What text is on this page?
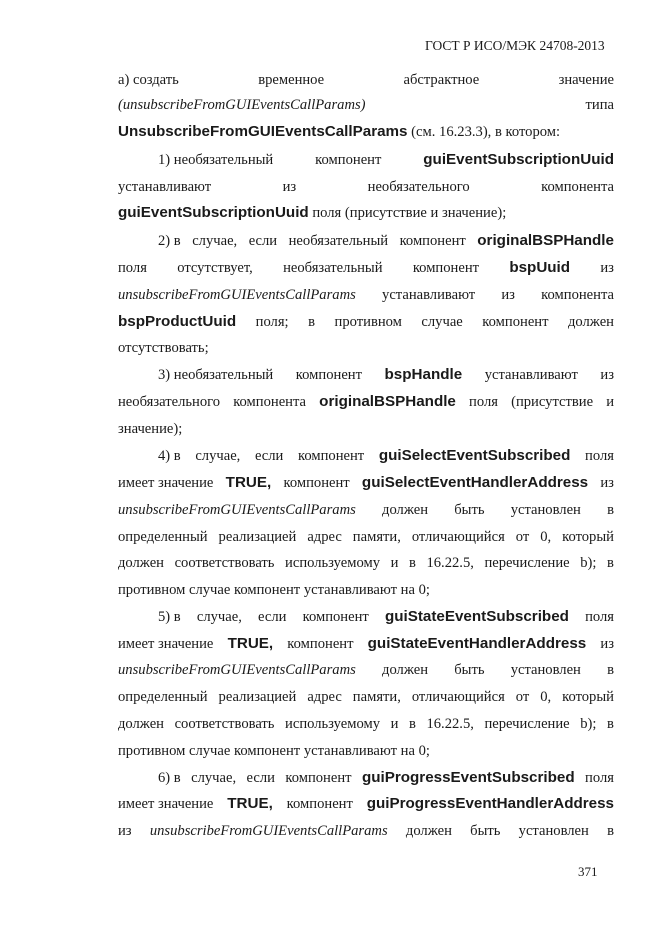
ГОСТ Р ИСО/МЭК 24708-2013
а) создать	временное	абстрактное	значение
(unsubscribeFromGUIEventsCallParams)	типа
UnsubscribeFromGUIEventsCallParams (см. 16.23.3), в котором:
1) необязательный	компонент	guiEventSubscriptionUuid
устанавливают	из	необязательного	компонента
guiEventSubscriptionUuid поля (присутствие и значение);
2) в случае, если необязательный компонент originalBSPHandle
поля отсутствует, необязательный компонент bspUuid из
unsubscribeFromGUIEventsCallParams устанавливают из компонента
bspProductUuid поля; в противном случае компонент должен
отсутствовать;
3) необязательный компонент bspHandle устанавливают из
необязательного компонента originalBSPHandle поля (присутствие и
значение);
4) в случае, если компонент guiSelectEventSubscribed поля
имеет значение TRUE, компонент guiSelectEventHandlerAddress из
unsubscribeFromGUIEventsCallParams должен быть установлен в
определенный реализацией адрес памяти, отличающийся от 0, который
должен соответствовать используемому и в 16.22.5, перечисление b); в
противном случае компонент устанавливают на 0;
5) в случае, если компонент guiStateEventSubscribed поля
имеет значение TRUE, компонент guiStateEventHandlerAddress из
unsubscribeFromGUIEventsCallParams должен быть установлен в
определенный реализацией адрес памяти, отличающийся от 0, который
должен соответствовать используемому и в 16.22.5, перечисление b); в
противном случае компонент устанавливают на 0;
6) в случае, если компонент guiProgressEventSubscribed поля
имеет значение TRUE, компонент guiProgressEventHandlerAddress
из unsubscribeFromGUIEventsCallParams должен быть установлен в
371
